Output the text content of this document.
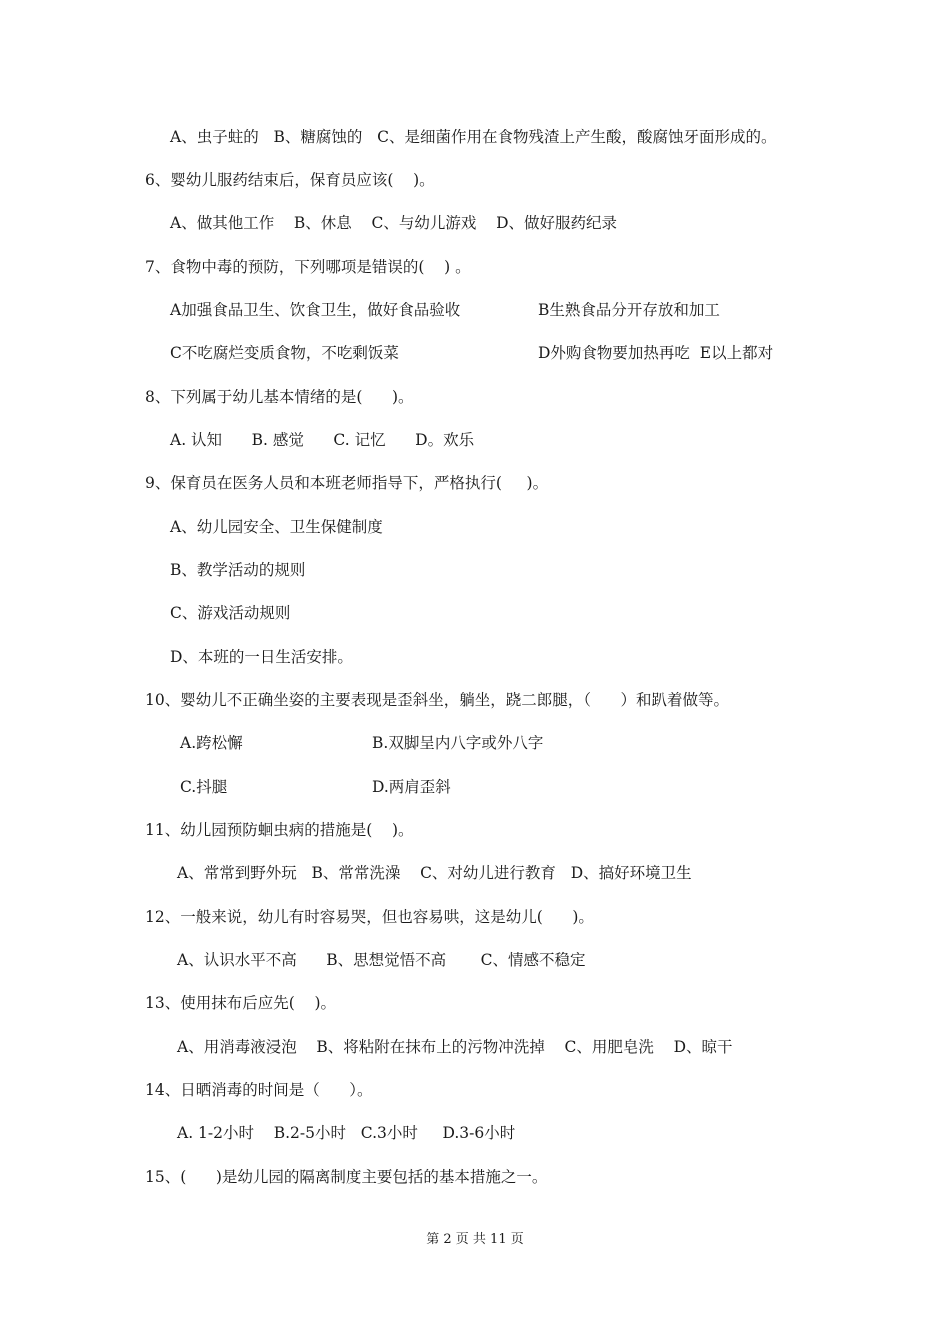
A、虫子蛀的   B、糖腐蚀的   C、是细菌作用在食物残渣上产生酸，酸腐蚀牙面形成的。
6、婴幼儿服药结束后，保育员应该(    )。
A、做其他工作    B、休息    C、与幼儿游戏    D、做好服药纪录
7、食物中毒的预防，下列哪项是错误的(    ) 。
A加强食品卫生、饮食卫生，做好食品验收	B生熟食品分开存放和加工
C不吃腐烂变质食物，不吃剩饭菜	D外购食物要加热再吃  E以上都对
8、下列属于幼儿基本情绪的是(      )。
A. 认知      B. 感觉      C. 记忆      D。欢乐
9、保育员在医务人员和本班老师指导下，严格执行(     )。
A、幼儿园安全、卫生保健制度
B、教学活动的规则
C、游戏活动规则
D、本班的一日生活安排。
10、婴幼儿不正确坐姿的主要表现是歪斜坐，躺坐，跷二郎腿，（      ）和趴着做等。
A.跨松懈	B.双脚呈内八字或外八字
C.抖腿	D.两肩歪斜
11、幼儿园预防蛔虫病的措施是(    )。
A、常常到野外玩   B、常常洗澡    C、对幼儿进行教育   D、搞好环境卫生
12、一般来说，幼儿有时容易哭，但也容易哄，这是幼儿(      )。
A、认识水平不高      B、思想觉悟不高       C、情感不稳定
13、使用抹布后应先(    )。
A、用消毒液浸泡    B、将粘附在抹布上的污物冲洗掉    C、用肥皂洗    D、晾干
14、日晒消毒的时间是（      ）。
A. 1-2小时    B.2-5小时   C.3小时     D.3-6小时
15、(      )是幼儿园的隔离制度主要包括的基本措施之一。
第 2 页 共 11 页
